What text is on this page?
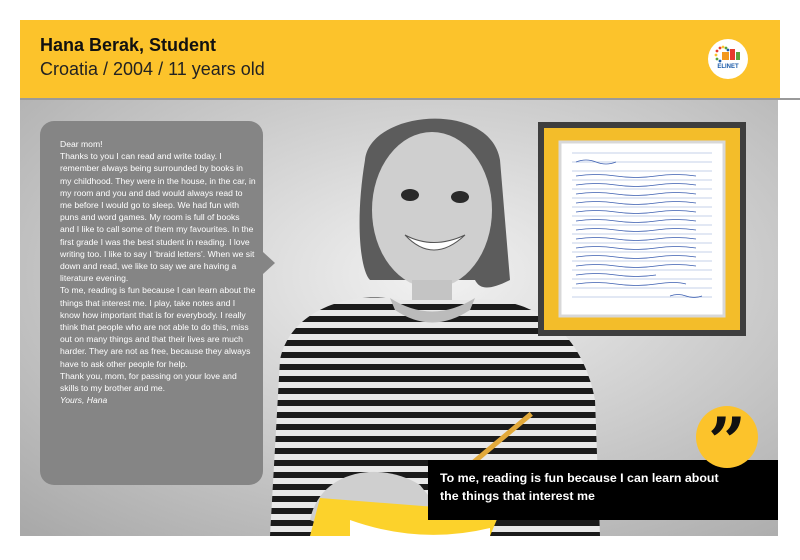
Hana Berak, Student
Croatia / 2004 / 11 years old	ELINET

Dear mom!

Thanks to you I can read and write today. I remember always being surrounded by books in my childhood. They were in the house, in the car, in my room and you and dad would always read to me before I would go to sleep. We had fun with puns and word games. My room is full of books and I like to call some of them my favourites. In the first grade I was the best student in reading. I love writing too. I like to say I ‘braid letters’. When we sit down and read, we like to say we are having a literature evening.

To me, reading is fun because I can learn about the things that interest me. I play, take notes and I know how important that is for everybody. I really think that people who are not able to do this, miss out on many things and that their lives are much harder. They are not as free, because they always have to ask other people for help.

Thank you, mom, for passing on your love and skills to my brother and me.

Yours, Hana

To me, reading is fun because I can learn about the things that interest me
”
